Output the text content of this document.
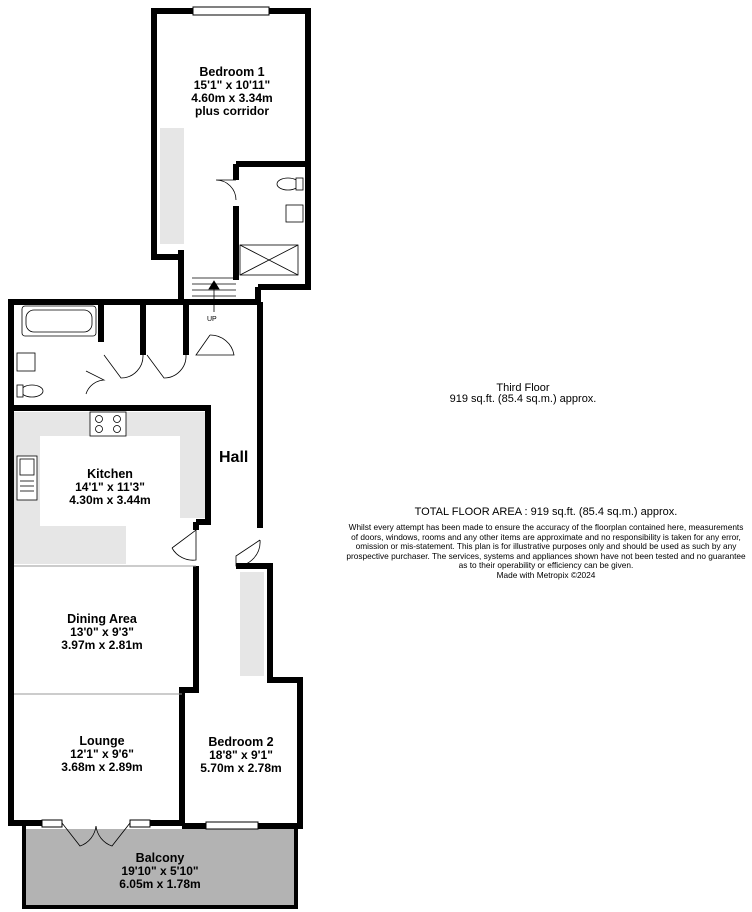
Bedroom 1
15'1" x 10'11"
4.60m x 3.34m
plus corridor
Kitchen
14'1" x 11'3"
4.30m x 3.44m
Hall
UP
Dining Area
13'0" x 9'3"
3.97m x 2.81m
Lounge
12'1" x 9'6"
3.68m x 2.89m
Bedroom 2
18'8" x 9'1"
5.70m x 2.78m
Balcony
19'10" x 5'10"
6.05m x 1.78m
Third Floor
919 sq.ft. (85.4 sq.m.) approx.
TOTAL FLOOR AREA : 919 sq.ft. (85.4 sq.m.) approx.
Whilst every attempt has been made to ensure the accuracy of the floorplan contained here, measurements
of doors, windows, rooms and any other items are approximate and no responsibility is taken for any error,
omission or mis-statement. This plan is for illustrative purposes only and should be used as such by any
prospective purchaser. The services, systems and appliances shown have not been tested and no guarantee
as to their operability or efficiency can be given.
Made with Metropix ©2024
